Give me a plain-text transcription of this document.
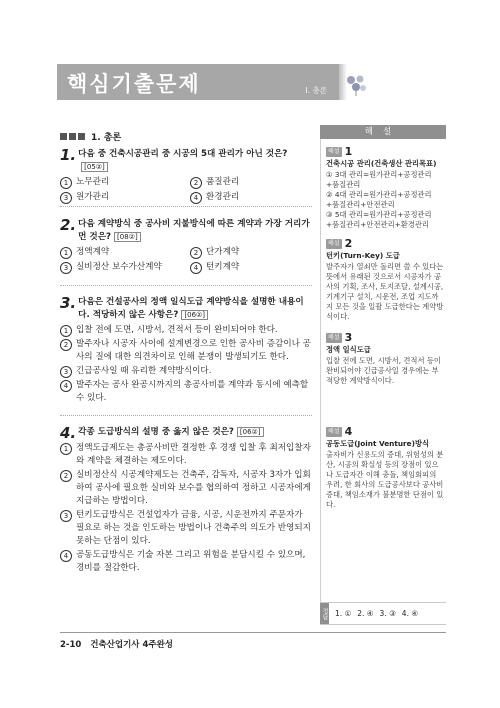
핵심기출문제	Ⅰ. 총론
1. 총론
1. 다음 중 건축시공관리 중 시공의 5대 관리가 아닌 것은?[05②]
1 노무관리	2 품질관리
3 원가관리	4 환경관리
2. 다음 계약방식 중 공사비 지불방식에 따른 계약과 가장 거리가 먼 것은? [08②]
1 정액계약	2 단가계약
3 실비정산 보수가산계약	4 턴키계약
3. 다음은 건설공사의 정액 일식도급 계약방식을 설명한 내용이다. 적당하지 않은 사항은? [06②]
1 입찰 전에 도면, 시방서, 견적서 등이 완비되어야 한다.
2 발주자나 시공자 사이에 설계변경으로 인한 공사비 증감이나 공사의 질에 대한 의견차이로 인해 분쟁이 발생되기도 한다.
3 긴급공사일 때 유리한 계약방식이다.
4 발주자는 공사 완공시까지의 총공사비를 계약과 동시에 예측할 수 있다.
4. 각종 도급방식의 설명 중 옳지 않은 것은? [06②]
1 정액도급제도는 총공사비만 결정한 후 경쟁 입찰 후 최저입찰자와 계약을 체결하는 제도이다.
2 실비정산식 시공계약제도는 건축주, 감독자, 시공자 3자가 입회하여 공사에 필요한 실비와 보수를 협의하여 정하고 시공자에게 지급하는 방법이다.
3 턴키도급방식은 건설업자가 금융, 시공, 시운전까지 주문자가 필요로 하는 것을 인도하는 방법이나 건축주의 의도가 반영되지 못하는 단점이 있다.
4 공동도급방식은 기술 자본 그리고 위험을 분담시킬 수 있으며, 경비를 절감한다.
해설
해설 1
건축시공 관리(건축생산 관리목표)
① 3대 관리=원가관리+공정관리+품질관리
② 4대 관리=원가관리+공정관리+품질관리+안전관리
③ 5대 관리=원가관리+공정관리+품질관리+안전관리+환경관리
해설 2
턴키(Turn-Key) 도급
발주자가 열쇠만 돌리면 쓸 수 있다는 뜻에서 유래된 것으로서 시공자가 공사의 기획, 조사, 토지조달, 설계시공, 기계기구 설치, 시운전, 조업 지도까지 모든 것을 일괄 도급한다는 계약방식이다.
해설 3
정액 일식도급
입찰 전에 도면, 시방서, 견적서 등이 완비되어야 긴급공사일 경우에는 부적당한 계약방식이다.
해설 4
공동도급(Joint Venture)방식
출자비가 신용도의 증대, 위험성의 분산, 시공의 확실성 등의 장점이 있으나 도급자간 이해 충돌, 책임회피의 우려, 한 회사의 도급공사보다 공사비 증대, 책임소재가 불분명한 단점이 있다.
정답 1. ① 2. ④ 3. ③ 4. ④
2-10 건축산업기사 4주완성
